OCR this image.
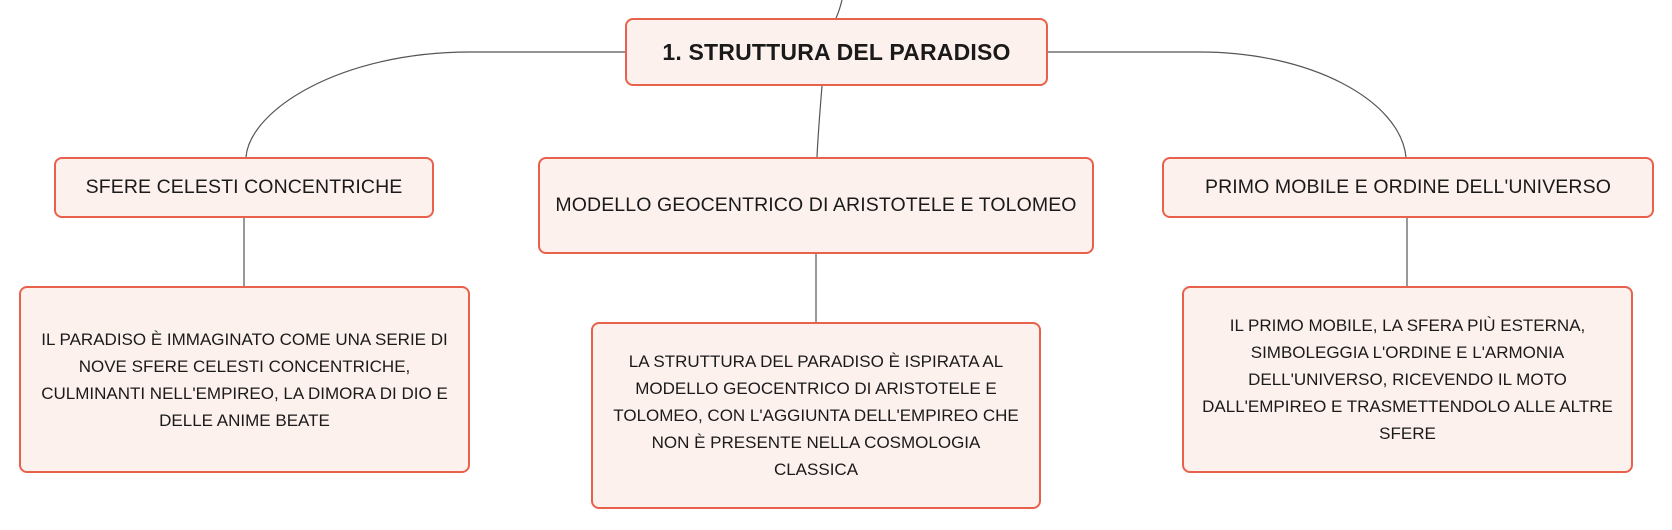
1. STRUTTURA DEL PARADISO
SFERE CELESTI CONCENTRICHE
MODELLO GEOCENTRICO DI ARISTOTELE E TOLOMEO
PRIMO MOBILE E ORDINE DELL'UNIVERSO
IL PARADISO È IMMAGINATO COME UNA SERIE DI NOVE SFERE CELESTI CONCENTRICHE, CULMINANTI NELL'EMPIREO, LA DIMORA DI DIO E DELLE ANIME BEATE
LA STRUTTURA DEL PARADISO È ISPIRATA AL MODELLO GEOCENTRICO DI ARISTOTELE E TOLOMEO, CON L'AGGIUNTA DELL'EMPIREO CHE NON È PRESENTE NELLA COSMOLOGIA CLASSICA
IL PRIMO MOBILE, LA SFERA PIÙ ESTERNA, SIMBOLEGGIA L'ORDINE E L'ARMONIA DELL'UNIVERSO, RICEVENDO IL MOTO DALL'EMPIREO E TRASMETTENDOLO ALLE ALTRE SFERE
